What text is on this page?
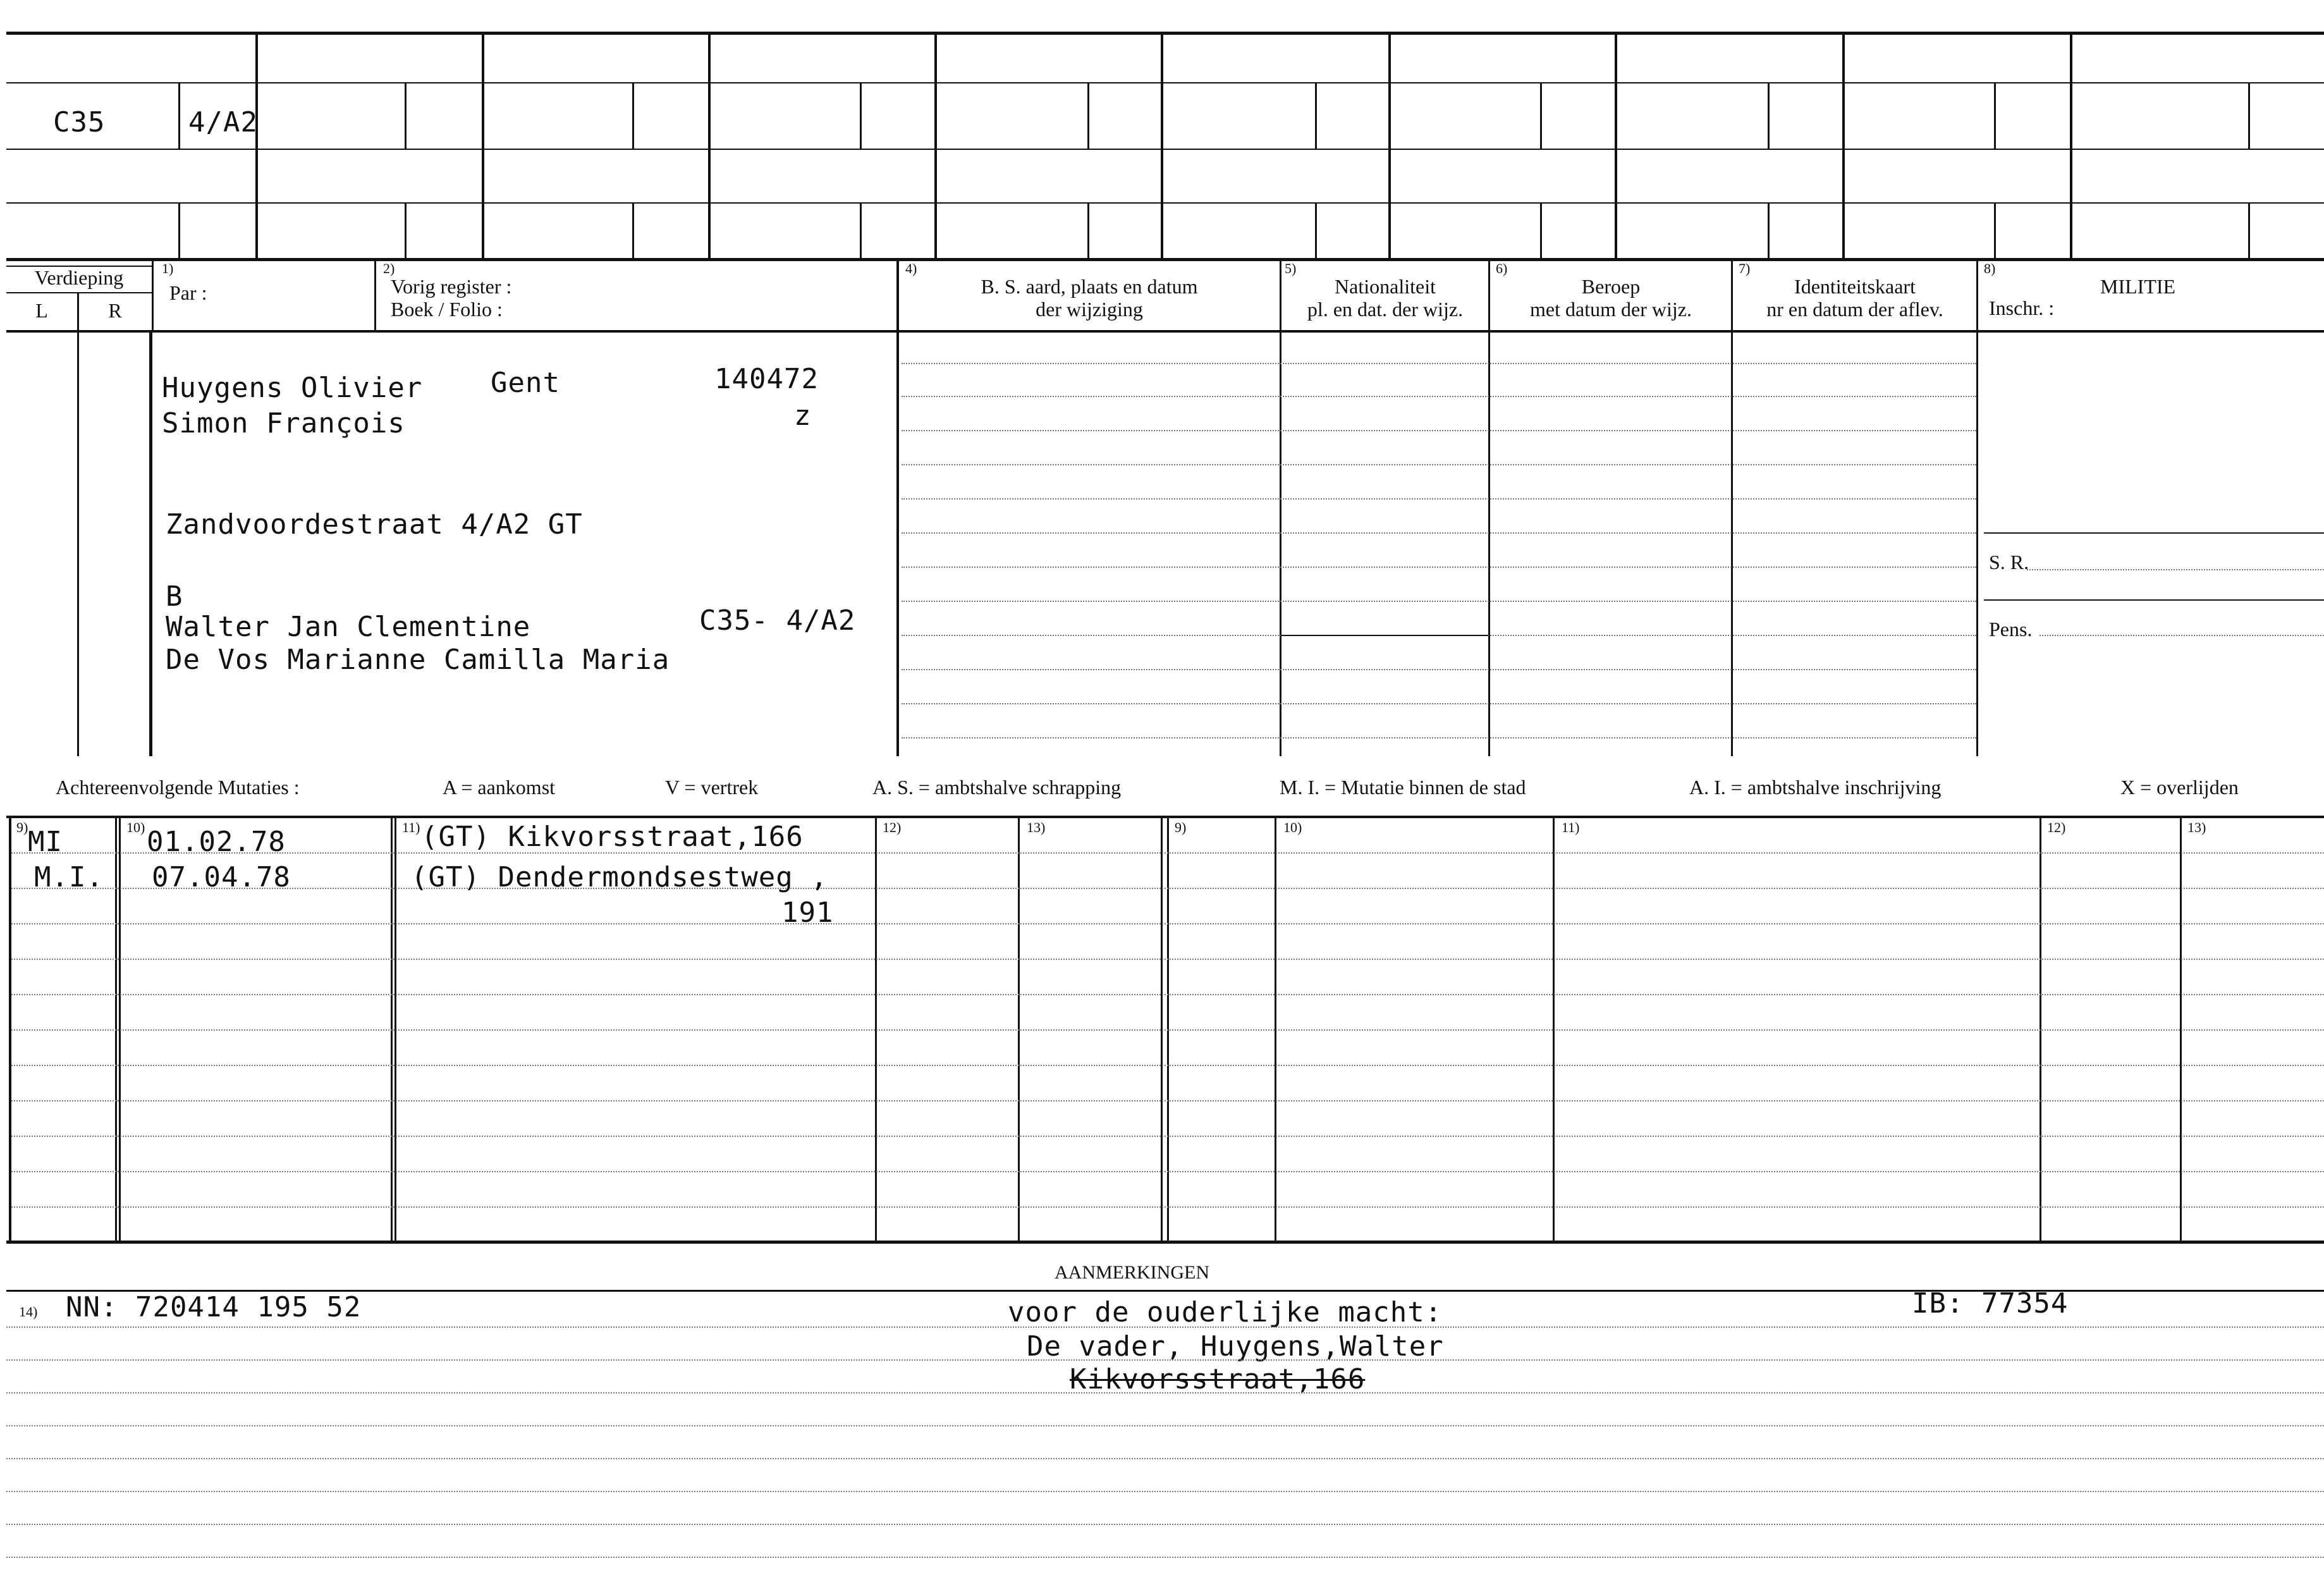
C35	4/A2
Verdieping
L	R
1)
Par :
2)
Vorig register :
Boek / Folio :
4)
B. S. aard, plaats en datum
der wijziging
5)
Nationaliteit
pl. en dat. der wijz.
6)
Beroep
met datum der wijz.
7)
Identiteitskaart
nr en datum der aflev.
8)
MILITIE
Inschr. :
S. R.
Pens.
Huygens Olivier Gent	140472
z
Simon François
Zandvoordestraat 4/A2 GT
B
Walter Jan Clementine	C35- 4/A2
De Vos Marianne Camilla Maria
Achtereenvolgende Mutaties :	A = aankomst	V = vertrek	A. S. = ambtshalve schrapping	M. I. = Mutatie binnen de stad	A. I. = ambtshalve inschrijving	X = overlijden
9)	10)	11)	12)	13)	9)	10)	11)	12)	13)
MI	01.02.78	(GT) Kikvorsstraat,166
M.I. 07.04.78	(GT) Dendermondsestweg ,
191
AANMERKINGEN
14) NN: 720414 195 52	IB: 77354
voor de ouderlijke macht:
De vader, Huygens,Walter
Kikvorsstraat,166
